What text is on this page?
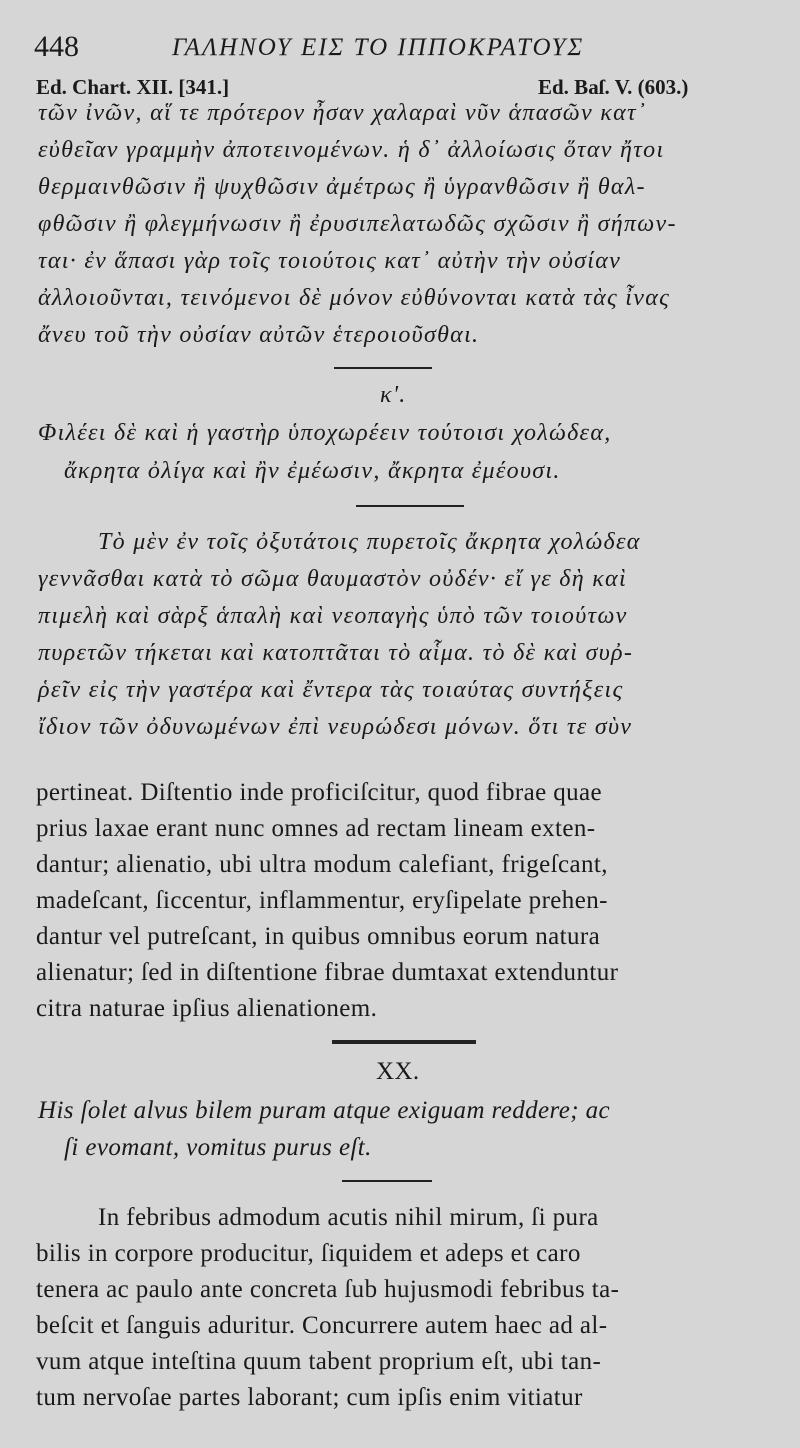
448	ΓΑΛΗΝΟΥ ΕΙΣ ΤΟ ΙΠΠΟΚΡΑΤΟΥΣ
Ed. Chart. XII. [341.]	Ed. Baſ. V. (603.)
τῶν ἰνῶν, αἵ τε πρότερον ἦσαν χαλαραὶ νῦν ἁπασῶν κατ᾽
εὐθεῖαν γραμμὴν ἀποτεινομένων. ἡ δ᾽ ἀλλοίωσις ὅταν ἤτοι
θερμαινθῶσιν ἢ ψυχθῶσιν ἀμέτρως ἢ ὑγρανθῶσιν ἢ θαλ-
φθῶσιν ἢ φλεγμήνωσιν ἢ ἐρυσιπελατωδῶς σχῶσιν ἢ σήπων-
ται· ἐν ἅπασι γὰρ τοῖς τοιούτοις κατ᾽ αὐτὴν τὴν οὐσίαν
ἀλλοιοῦνται, τεινόμενοι δὲ μόνον εὐθύνονται κατὰ τὰς ἶνας
ἄνευ τοῦ τὴν οὐσίαν αὐτῶν ἑτεροιοῦσθαι.
κ'.
Φιλέει δὲ καὶ ἡ γαστὴρ ὑποχωρέειν τούτοισι χολώδεα,
ἄκρητα ὀλίγα καὶ ἢν ἐμέωσιν, ἄκρητα ἐμέουσι.
Τὸ μὲν ἐν τοῖς ὀξυτάτοις πυρετοῖς ἄκρητα χολώδεα
γεννᾶσθαι κατὰ τὸ σῶμα θαυμαστὸν οὐδέν· εἴ γε δὴ καὶ
πιμελὴ καὶ σὰρξ ἁπαλὴ καὶ νεοπαγὴς ὑπὸ τῶν τοιούτων
πυρετῶν τήκεται καὶ κατοπτᾶται τὸ αἷμα. τὸ δὲ καὶ συῤ-
ῥεῖν εἰς τὴν γαστέρα καὶ ἔντερα τὰς τοιαύτας συντήξεις
ἴδιον τῶν ὀδυνωμένων ἐπὶ νευρώδεσι μόνων. ὅτι τε σὺν
pertineat. Diſtentio inde proficiſcitur, quod fibrae quae
prius laxae erant nunc omnes ad rectam lineam exten-
dantur; alienatio, ubi ultra modum calefiant, frigeſcant,
madeſcant, ſiccentur, inflammentur, eryſipelate prehen-
dantur vel putreſcant, in quibus omnibus eorum natura
alienatur; ſed in diſtentione fibrae dumtaxat extenduntur
citra naturae ipſius alienationem.
XX.
His ſolet alvus bilem puram atque exiguam reddere; ac
ſi evomant, vomitus purus eſt.
In febribus admodum acutis nihil mirum, ſi pura
bilis in corpore producitur, ſiquidem et adeps et caro
tenera ac paulo ante concreta ſub hujusmodi febribus ta-
beſcit et ſanguis aduritur. Concurrere autem haec ad al-
vum atque inteſtina quum tabent proprium eſt, ubi tan-
tum nervoſae partes laborant; cum ipſis enim vitiatur
